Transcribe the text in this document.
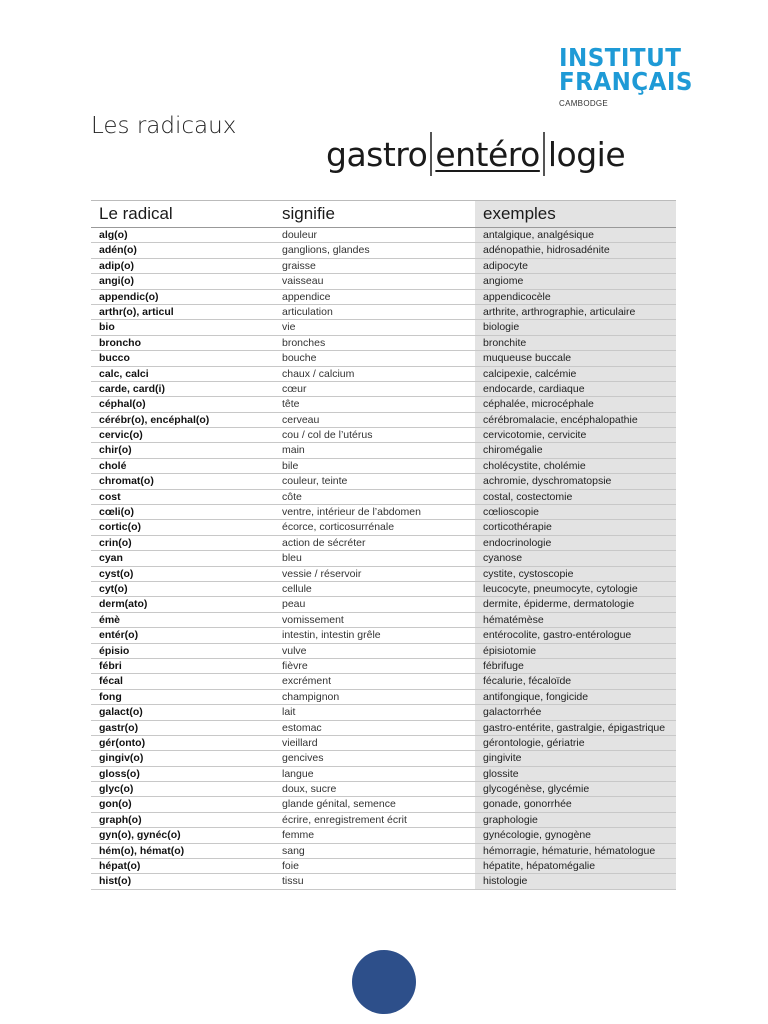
INSTITUT
FRANÇAIS
CAMBODGE
Les radicaux
gastro entéro logie
Le radical	signifie	exemples
alg(o)	douleur	antalgique, analgésique
adén(o)	ganglions, glandes	adénopathie, hidrosadénite
adip(o)	graisse	adipocyte
angi(o)	vaisseau	angiome
appendic(o)	appendice	appendicocèle
arthr(o), articul	articulation	arthrite, arthrographie, articulaire
bio	vie	biologie
broncho	bronches	bronchite
bucco	bouche	muqueuse buccale
calc, calci	chaux / calcium	calcipexie, calcémie
carde, card(i)	cœur	endocarde, cardiaque
céphal(o)	tête	céphalée, microcéphale
cérébr(o), encéphal(o)	cerveau	cérébromalacie, encéphalopathie
cervic(o)	cou / col de l’utérus	cervicotomie, cervicite
chir(o)	main	chiromégalie
cholé	bile	cholécystite, cholémie
chromat(o)	couleur, teinte	achromie, dyschromatopsie
cost	côte	costal, costectomie
cœli(o)	ventre, intérieur de l’abdomen	cœlioscopie
cortic(o)	écorce, corticosurrénale	corticothérapie
crin(o)	action de sécréter	endocrinologie
cyan	bleu	cyanose
cyst(o)	vessie / réservoir	cystite, cystoscopie
cyt(o)	cellule	leucocyte, pneumocyte, cytologie
derm(ato)	peau	dermite, épiderme, dermatologie
émè	vomissement	hématémèse
entér(o)	intestin, intestin grêle	entérocolite, gastro-entérologue
épisio	vulve	épisiotomie
fébri	fièvre	fébrifuge
fécal	excrément	fécalurie, fécaloïde
fong	champignon	antifongique, fongicide
galact(o)	lait	galactorrhée
gastr(o)	estomac	gastro-entérite, gastralgie, épigastrique
gér(onto)	vieillard	gérontologie, gériatrie
gingiv(o)	gencives	gingivite
gloss(o)	langue	glossite
glyc(o)	doux, sucre	glycogénèse, glycémie
gon(o)	glande génital, semence	gonade, gonorrhée
graph(o)	écrire, enregistrement écrit	graphologie
gyn(o), gynéc(o)	femme	gynécologie, gynogène
hém(o), hémat(o)	sang	hémorragie, hématurie, hématologue
hépat(o)	foie	hépatite, hépatomégalie
hist(o)	tissu	histologie
